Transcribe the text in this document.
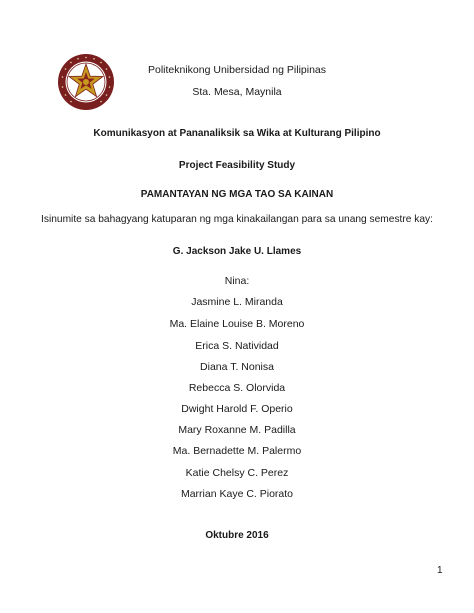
Politeknikong Unibersidad ng Pilipinas
Sta. Mesa, Maynila
Komunikasyon at Pananaliksik sa Wika at Kulturang Pilipino
Project Feasibility Study
PAMANTAYAN NG MGA TAO SA KAINAN
Isinumite sa bahagyang katuparan ng mga kinakailangan para sa unang semestre kay:
G. Jackson Jake U. Llames
Nina:
Jasmine L. Miranda
Ma. Elaine Louise B. Moreno
Erica S. Natividad
Diana T. Nonisa
Rebecca S. Olorvida
Dwight Harold F. Operio
Mary Roxanne M. Padilla
Ma. Bernadette M. Palermo
Katie Chelsy C. Perez
Marrian Kaye C. Piorato
Oktubre 2016
1
